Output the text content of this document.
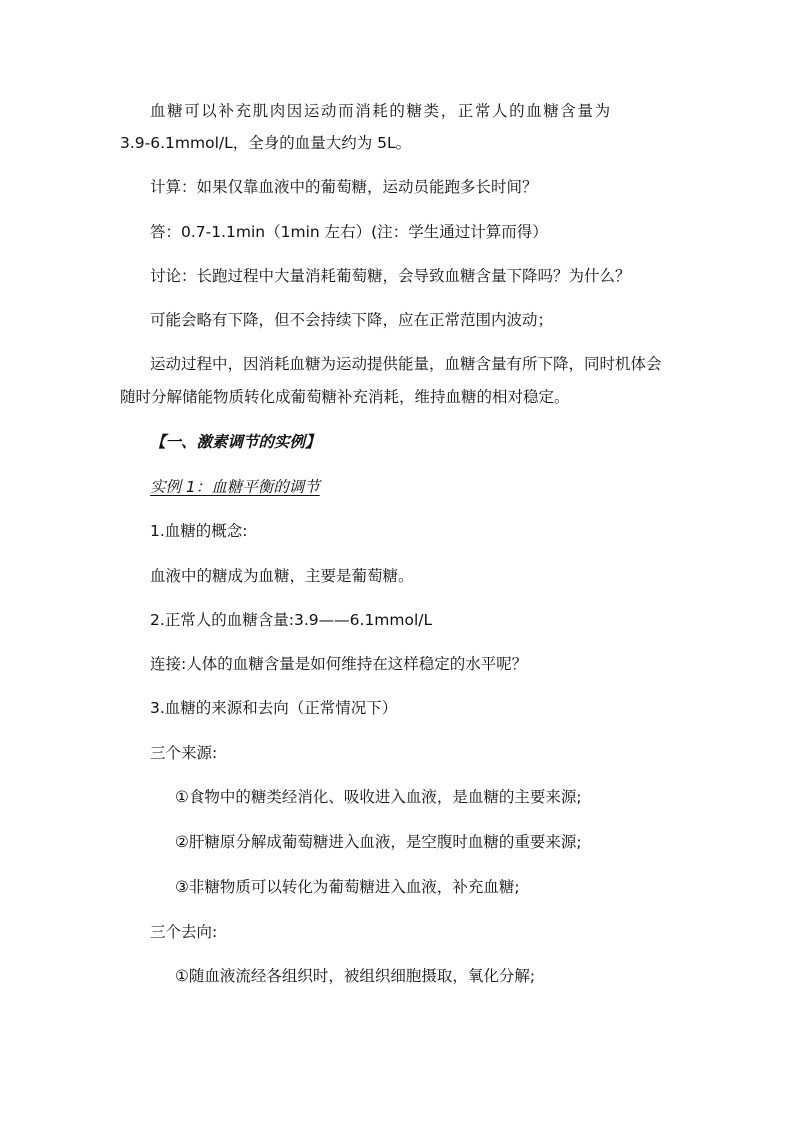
血糖可以补充肌肉因运动而消耗的糖类，正常人的血糖含量为
3.9-6.1mmol/L，全身的血量大约为 5L。
计算：如果仅靠血液中的葡萄糖，运动员能跑多长时间？
答：0.7-1.1min（1min 左右）(注：学生通过计算而得）
讨论：长跑过程中大量消耗葡萄糖，会导致血糖含量下降吗？为什么？
可能会略有下降，但不会持续下降，应在正常范围内波动；
运动过程中，因消耗血糖为运动提供能量，血糖含量有所下降，同时机体会
随时分解储能物质转化成葡萄糖补充消耗，维持血糖的相对稳定。
【一、激素调节的实例】
实例 1：血糖平衡的调节
1.血糖的概念:
血液中的糖成为血糖，主要是葡萄糖。
2.正常人的血糖含量:3.9——6.1mmol/L
连接:人体的血糖含量是如何维持在这样稳定的水平呢？
3.血糖的来源和去向（正常情况下）
三个来源:
①食物中的糖类经消化、吸收进入血液，是血糖的主要来源;
②肝糖原分解成葡萄糖进入血液，是空腹时血糖的重要来源;
③非糖物质可以转化为葡萄糖进入血液，补充血糖;
三个去向:
①随血液流经各组织时，被组织细胞摄取，氧化分解;
